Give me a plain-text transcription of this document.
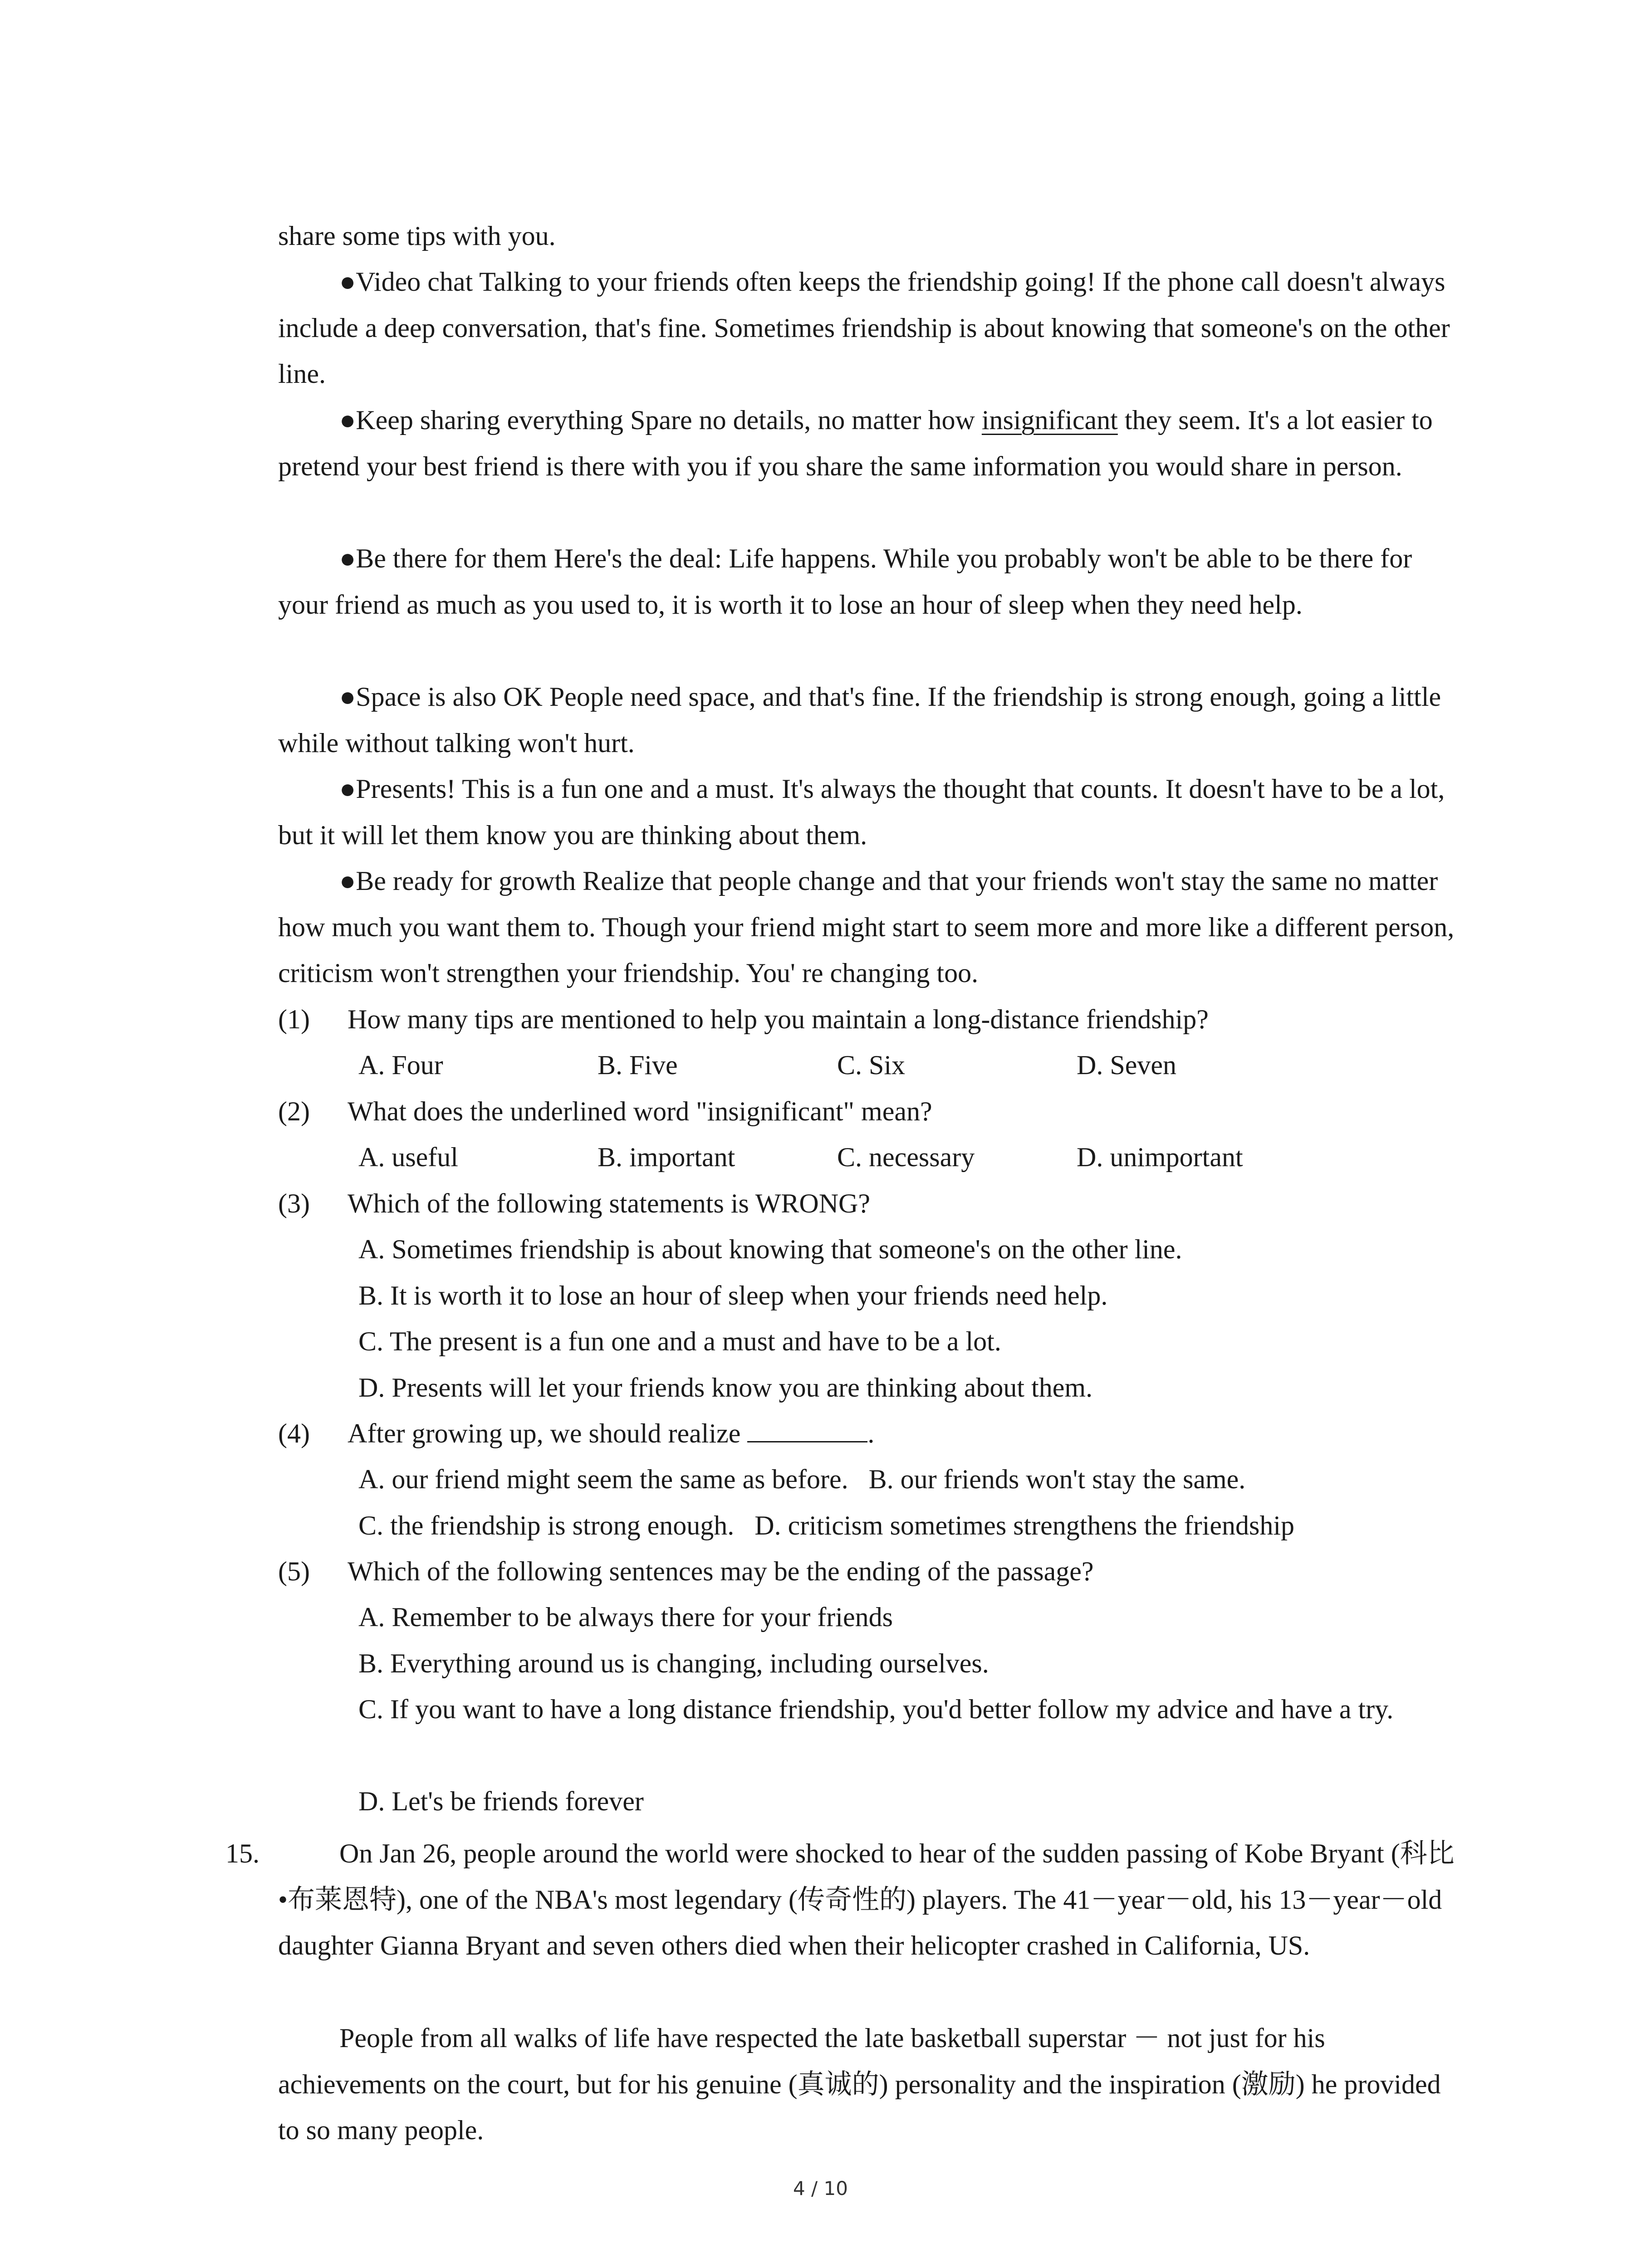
share some tips with you.

●Video chat Talking to your friends often keeps the friendship going! If the phone call doesn't always include a deep conversation, that's fine. Sometimes friendship is about knowing that someone's on the other line.

●Keep sharing everything Spare no details, no matter how insignificant they seem. It's a lot easier to pretend your best friend is there with you if you share the same information you would share in person.

●Be there for them Here's the deal: Life happens. While you probably won't be able to be there for your friend as much as you used to, it is worth it to lose an hour of sleep when they need help.

●Space is also OK People need space, and that's fine. If the friendship is strong enough, going a little while without talking won't hurt.

●Presents! This is a fun one and a must. It's always the thought that counts. It doesn't have to be a lot, but it will let them know you are thinking about them.

●Be ready for growth Realize that people change and that your friends won't stay the same no matter how much you want them to. Though your friend might start to seem more and more like a different person, criticism won't strengthen your friendship. You' re changing too.

(1) How many tips are mentioned to help you maintain a long-distance friendship?
A. Four	B. Five	C. Six	D. Seven
(2) What does the underlined word "insignificant" mean?
A. useful	B. important	C. necessary	D. unimportant
(3) Which of the following statements is WRONG?
A. Sometimes friendship is about knowing that someone's on the other line.
B. It is worth it to lose an hour of sleep when your friends need help.
C. The present is a fun one and a must and have to be a lot.
D. Presents will let your friends know you are thinking about them.
(4) After growing up, we should realize	.
A. our friend might seem the same as before.   B. our friends won't stay the same.
C. the friendship is strong enough.   D. criticism sometimes strengthens the friendship
(5) Which of the following sentences may be the ending of the passage?
A. Remember to be always there for your friends
B. Everything around us is changing, including ourselves.
C. If you want to have a long distance friendship, you'd better follow my advice and have a try.
D. Let's be friends forever
15.	On Jan 26, people around the world were shocked to hear of the sudden passing of Kobe Bryant (科比•布莱恩特), one of the NBA's most legendary (传奇性的) players. The 41－year－old, his 13－year－old daughter Gianna Bryant and seven others died when their helicopter crashed in California, US.

People from all walks of life have respected the late basketball superstar － not just for his achievements on the court, but for his genuine (真诚的) personality and the inspiration (激励) he provided to so many people.

4 / 10
